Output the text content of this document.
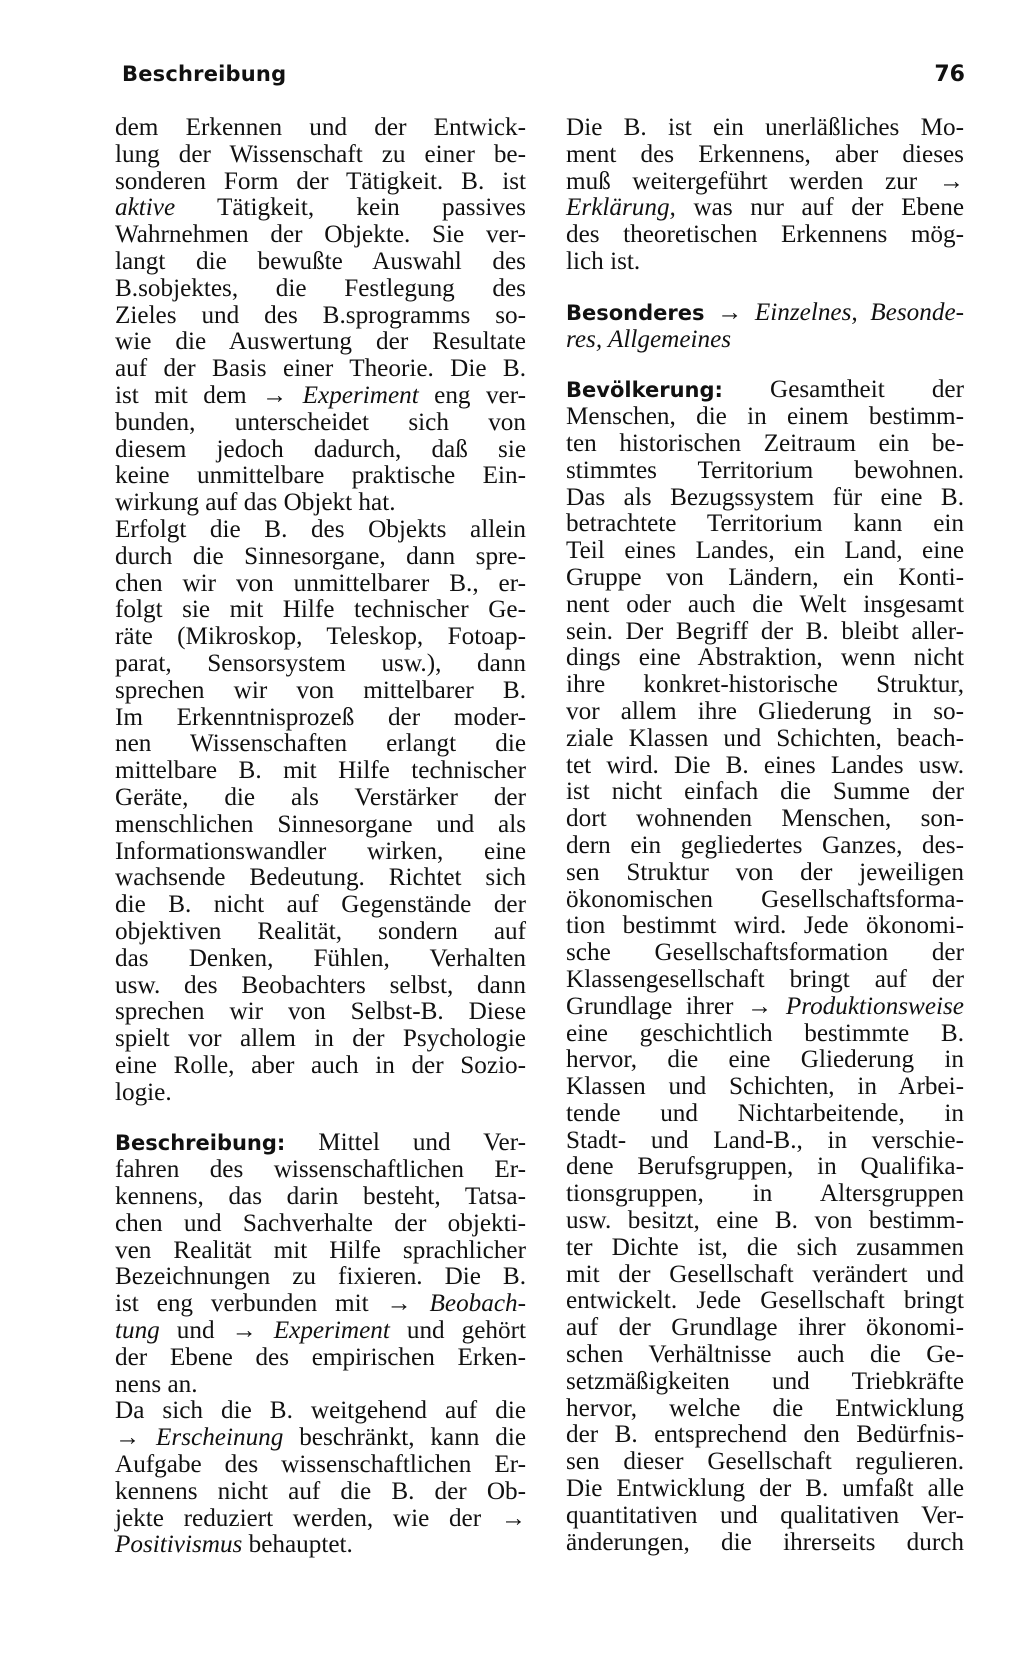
Beschreibung	76
dem Erkennen und der Entwick-
lung der Wissenschaft zu einer be-
sonderen Form der Tätigkeit. B. ist
aktive Tätigkeit, kein passives
Wahrnehmen der Objekte. Sie ver-
langt die bewußte Auswahl des
B.sobjektes, die Festlegung des
Zieles und des B.sprogramms so-
wie die Auswertung der Resultate
auf der Basis einer Theorie. Die B.
ist mit dem → Experiment eng ver-
bunden, unterscheidet sich von
diesem jedoch dadurch, daß sie
keine unmittelbare praktische Ein-
wirkung auf das Objekt hat.
Erfolgt die B. des Objekts allein
durch die Sinnesorgane, dann spre-
chen wir von unmittelbarer B., er-
folgt sie mit Hilfe technischer Ge-
räte (Mikroskop, Teleskop, Fotoap-
parat, Sensorsystem usw.), dann
sprechen wir von mittelbarer B.
Im Erkenntnisprozeß der moder-
nen Wissenschaften erlangt die
mittelbare B. mit Hilfe technischer
Geräte, die als Verstärker der
menschlichen Sinnesorgane und als
Informationswandler wirken, eine
wachsende Bedeutung. Richtet sich
die B. nicht auf Gegenstände der
objektiven Realität, sondern auf
das Denken, Fühlen, Verhalten
usw. des Beobachters selbst, dann
sprechen wir von Selbst-B. Diese
spielt vor allem in der Psychologie
eine Rolle, aber auch in der Sozio-
logie.
Beschreibung: Mittel und Ver-
fahren des wissenschaftlichen Er-
kennens, das darin besteht, Tatsa-
chen und Sachverhalte der objekti-
ven Realität mit Hilfe sprachlicher
Bezeichnungen zu fixieren. Die B.
ist eng verbunden mit → Beobach-
tung und → Experiment und gehört
der Ebene des empirischen Erken-
nens an.
Da sich die B. weitgehend auf die
→ Erscheinung beschränkt, kann die
Aufgabe des wissenschaftlichen Er-
kennens nicht auf die B. der Ob-
jekte reduziert werden, wie der →
Positivismus behauptet.
Die B. ist ein unerläßliches Mo-
ment des Erkennens, aber dieses
muß weitergeführt werden zur →
Erklärung, was nur auf der Ebene
des theoretischen Erkennens mög-
lich ist.
Besonderes → Einzelnes, Besonde-
res, Allgemeines
Bevölkerung: Gesamtheit der
Menschen, die in einem bestimm-
ten historischen Zeitraum ein be-
stimmtes Territorium bewohnen.
Das als Bezugssystem für eine B.
betrachtete Territorium kann ein
Teil eines Landes, ein Land, eine
Gruppe von Ländern, ein Konti-
nent oder auch die Welt insgesamt
sein. Der Begriff der B. bleibt aller-
dings eine Abstraktion, wenn nicht
ihre konkret-historische Struktur,
vor allem ihre Gliederung in so-
ziale Klassen und Schichten, beach-
tet wird. Die B. eines Landes usw.
ist nicht einfach die Summe der
dort wohnenden Menschen, son-
dern ein gegliedertes Ganzes, des-
sen Struktur von der jeweiligen
ökonomischen Gesellschaftsforma-
tion bestimmt wird. Jede ökonomi-
sche Gesellschaftsformation der
Klassengesellschaft bringt auf der
Grundlage ihrer → Produktionsweise
eine geschichtlich bestimmte B.
hervor, die eine Gliederung in
Klassen und Schichten, in Arbei-
tende und Nichtarbeitende, in
Stadt- und Land-B., in verschie-
dene Berufsgruppen, in Qualifika-
tionsgruppen, in Altersgruppen
usw. besitzt, eine B. von bestimm-
ter Dichte ist, die sich zusammen
mit der Gesellschaft verändert und
entwickelt. Jede Gesellschaft bringt
auf der Grundlage ihrer ökonomi-
schen Verhältnisse auch die Ge-
setzmäßigkeiten und Triebkräfte
hervor, welche die Entwicklung
der B. entsprechend den Bedürfnis-
sen dieser Gesellschaft regulieren.
Die Entwicklung der B. umfaßt alle
quantitativen und qualitativen Ver-
änderungen, die ihrerseits durch
